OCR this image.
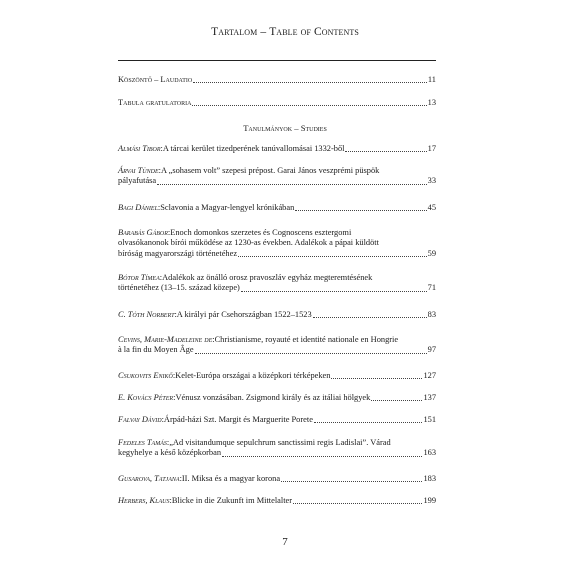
Tartalom – Table of Contents
Köszöntő – Laudatio	11
Tabula gratulatoria	13
Tanulmányok – Studies
Almási Tibor : A tárcai kerület tizedperének tanúvallomásai 1332-ből	17
Árvai Tünde : A „sohasem volt” szepesi prépost. Garai János veszprémi püspök
pályafutása	33
Bagi Dániel : Sclavonia a Magyar-lengyel krónikában	45
Barabás Gábor : Enoch domonkos szerzetes és Cognoscens esztergomi
olvasókanonok bírói működése az 1230-as években. Adalékok a pápai küldött
bíróság magyarországi történetéhez	59
Bótor Tímea : Adalékok az önálló orosz pravoszláv egyház megteremtésének
történetéhez (13–15. század közepe)	71
C. Tóth Norbert : A királyi pár Csehországban 1522–1523	83
Cevins, Marie-Madeleine de : Christianisme, royauté et identité nationale en Hongrie
à la fin du Moyen Âge	97
Csukovits Enikő : Kelet-Európa országai a középkori térképeken	127
E. Kovács Péter : Vénusz vonzásában. Zsigmond király és az itáliai hölgyek	137
Falvay Dávid : Árpád-házi Szt. Margit és Marguerite Porete	151
Fedeles Tamás : „Ad visitandumque sepulchrum sanctissimi regis Ladislai”. Várad
kegyhelye a késő középkorban	163
Gusarova, Tatjana : II. Miksa és a magyar korona	183
Herbers, Klaus : Blicke in die Zukunft im Mittelalter	199
7
